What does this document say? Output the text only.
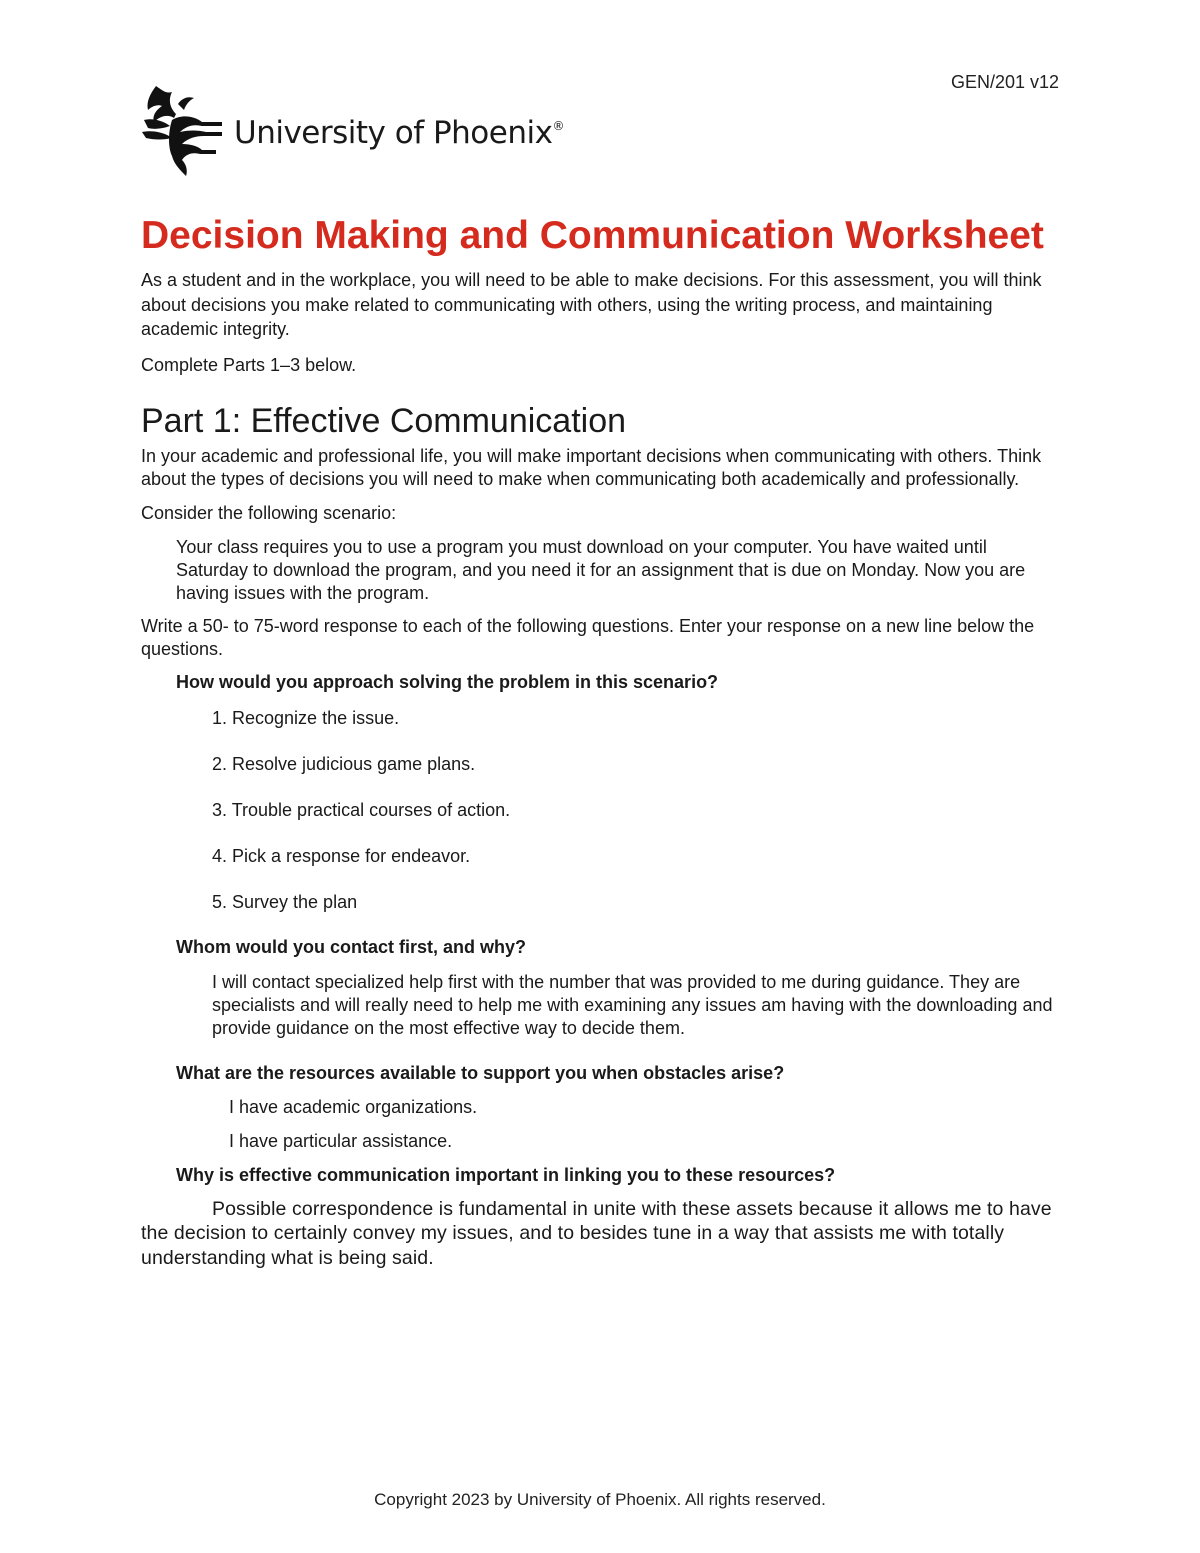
GEN/201 v12
University of Phoenix®
Decision Making and Communication Worksheet

As a student and in the workplace, you will need to be able to make decisions. For this assessment, you will think about decisions you make related to communicating with others, using the writing process, and maintaining academic integrity.

Complete Parts 1–3 below.

Part 1: Effective Communication

In your academic and professional life, you will make important decisions when communicating with others. Think about the types of decisions you will need to make when communicating both academically and professionally.

Consider the following scenario:

Your class requires you to use a program you must download on your computer. You have waited until Saturday to download the program, and you need it for an assignment that is due on Monday. Now you are having issues with the program.

Write a 50- to 75-word response to each of the following questions. Enter your response on a new line below the questions.

How would you approach solving the problem in this scenario?

1. Recognize the issue.
2. Resolve judicious game plans.
3. Trouble practical courses of action.
4. Pick a response for endeavor.
5. Survey the plan

Whom would you contact first, and why?

I will contact specialized help first with the number that was provided to me during guidance. They are specialists and will really need to help me with examining any issues am having with the downloading and provide guidance on the most effective way to decide them.

What are the resources available to support you when obstacles arise?

I have academic organizations.

I have particular assistance.

Why is effective communication important in linking you to these resources?

Possible correspondence is fundamental in unite with these assets because it allows me to have the decision to certainly convey my issues, and to besides tune in a way that assists me with totally understanding what is being said.

Copyright 2023 by University of Phoenix. All rights reserved.
